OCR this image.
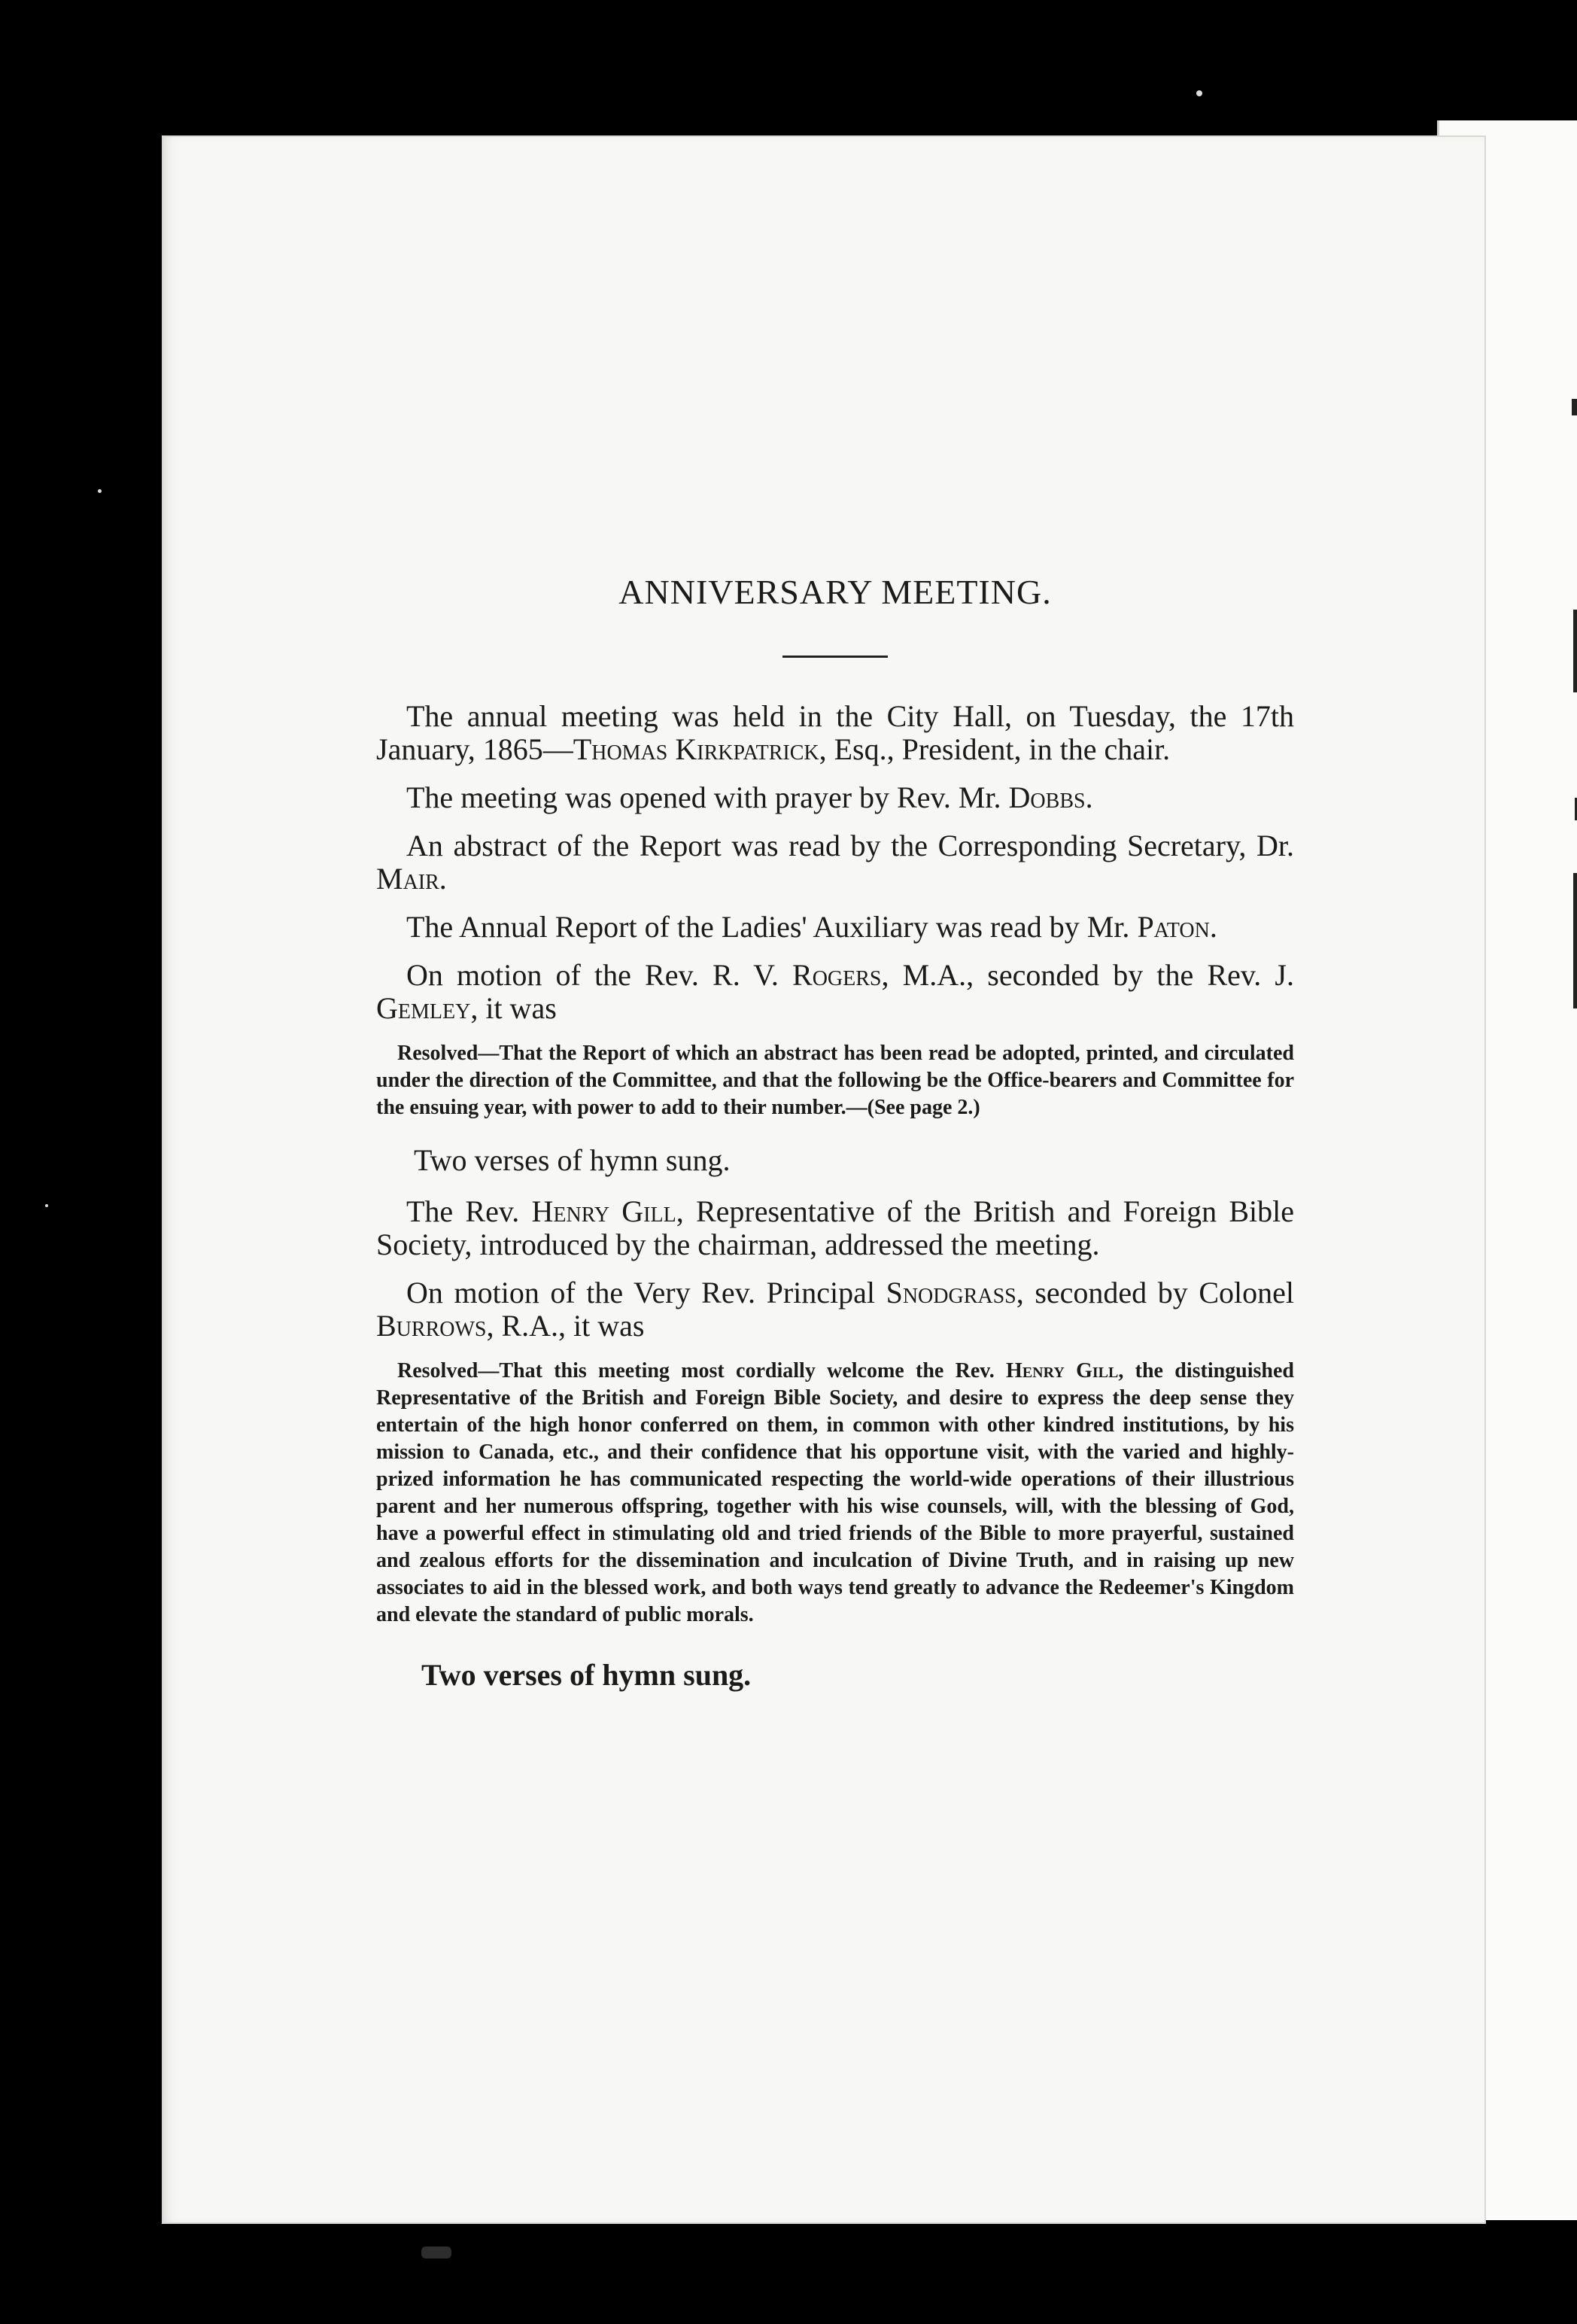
ANNIVERSARY MEETING.

The annual meeting was held in the City Hall, on Tuesday, the 17th January, 1865—Thomas Kirkpatrick, Esq., President, in the chair.

The meeting was opened with prayer by Rev. Mr. Dobbs.

An abstract of the Report was read by the Corresponding Secretary, Dr. Mair.

The Annual Report of the Ladies' Auxiliary was read by Mr. Paton.

On motion of the Rev. R. V. Rogers, M.A., seconded by the Rev. J. Gemley, it was

Resolved—That the Report of which an abstract has been read be adopted, printed, and circulated under the direction of the Committee, and that the following be the Office-bearers and Committee for the ensuing year, with power to add to their number.—(See page 2.)

Two verses of hymn sung.

The Rev. Henry Gill, Representative of the British and Foreign Bible Society, introduced by the chairman, addressed the meeting.

On motion of the Very Rev. Principal Snodgrass, seconded by Colonel Burrows, R.A., it was

Resolved—That this meeting most cordially welcome the Rev. Henry Gill, the distinguished Representative of the British and Foreign Bible Society, and desire to express the deep sense they entertain of the high honor conferred on them, in common with other kindred institutions, by his mission to Canada, etc., and their confidence that his opportune visit, with the varied and highly-prized information he has communicated respecting the world-wide operations of their illustrious parent and her numerous offspring, together with his wise counsels, will, with the blessing of God, have a powerful effect in stimulating old and tried friends of the Bible to more prayerful, sustained and zealous efforts for the dissemination and inculcation of Divine Truth, and in raising up new associates to aid in the blessed work, and both ways tend greatly to advance the Redeemer's Kingdom and elevate the standard of public morals.

Two verses of hymn sung.
